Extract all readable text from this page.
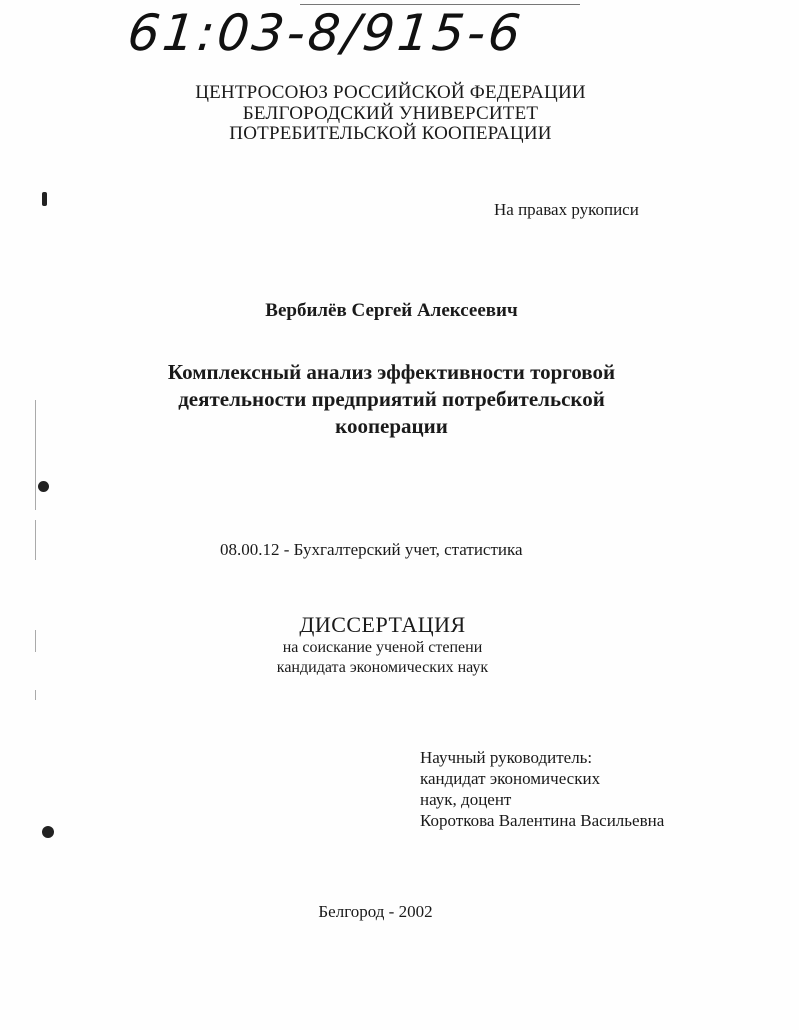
61:03-8/915-6
ЦЕНТРОСОЮЗ РОССИЙСКОЙ ФЕДЕРАЦИИ
БЕЛГОРОДСКИЙ УНИВЕРСИТЕТ
ПОТРЕБИТЕЛЬСКОЙ КООПЕРАЦИИ
На правах рукописи
Вербилёв Сергей Алексеевич
Комплексный анализ эффективности торговой
деятельности предприятий потребительской
кооперации
08.00.12 - Бухгалтерский учет, статистика
ДИССЕРТАЦИЯ
на соискание ученой степени
кандидата экономических наук
Научный руководитель:
кандидат экономических
наук, доцент
Короткова Валентина Васильевна
Белгород - 2002
